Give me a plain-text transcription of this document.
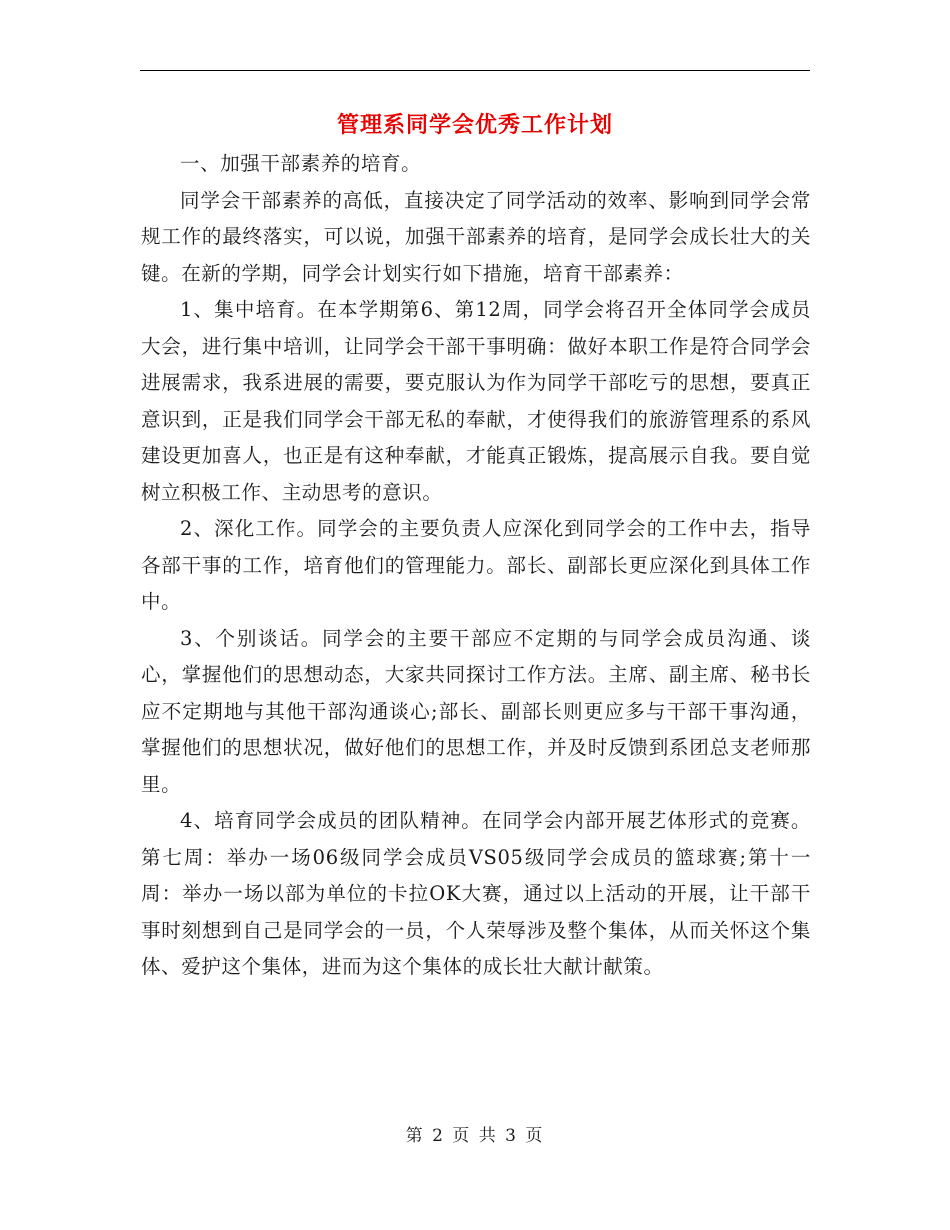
管理系同学会优秀工作计划

一、加强干部素养的培育。

同学会干部素养的高低，直接决定了同学活动的效率、影响到同学会常规工作的最终落实，可以说，加强干部素养的培育，是同学会成长壮大的关键。在新的学期，同学会计划实行如下措施，培育干部素养：

1、集中培育。在本学期第6、第12周，同学会将召开全体同学会成员大会，进行集中培训，让同学会干部干事明确：做好本职工作是符合同学会进展需求，我系进展的需要，要克服认为作为同学干部吃亏的思想，要真正意识到，正是我们同学会干部无私的奉献，才使得我们的旅游管理系的系风建设更加喜人，也正是有这种奉献，才能真正锻炼，提高展示自我。要自觉树立积极工作、主动思考的意识。

2、深化工作。同学会的主要负责人应深化到同学会的工作中去，指导各部干事的工作，培育他们的管理能力。部长、副部长更应深化到具体工作中。

3、个别谈话。同学会的主要干部应不定期的与同学会成员沟通、谈心，掌握他们的思想动态，大家共同探讨工作方法。主席、副主席、秘书长应不定期地与其他干部沟通谈心;部长、副部长则更应多与干部干事沟通，掌握他们的思想状况，做好他们的思想工作，并及时反馈到系团总支老师那里。

4、培育同学会成员的团队精神。在同学会内部开展艺体形式的竞赛。第七周：举办一场06级同学会成员VS05级同学会成员的篮球赛;第十一周：举办一场以部为单位的卡拉OK大赛，通过以上活动的开展，让干部干事时刻想到自己是同学会的一员，个人荣辱涉及整个集体，从而关怀这个集体、爱护这个集体，进而为这个集体的成长壮大献计献策。

第 2 页 共 3 页
